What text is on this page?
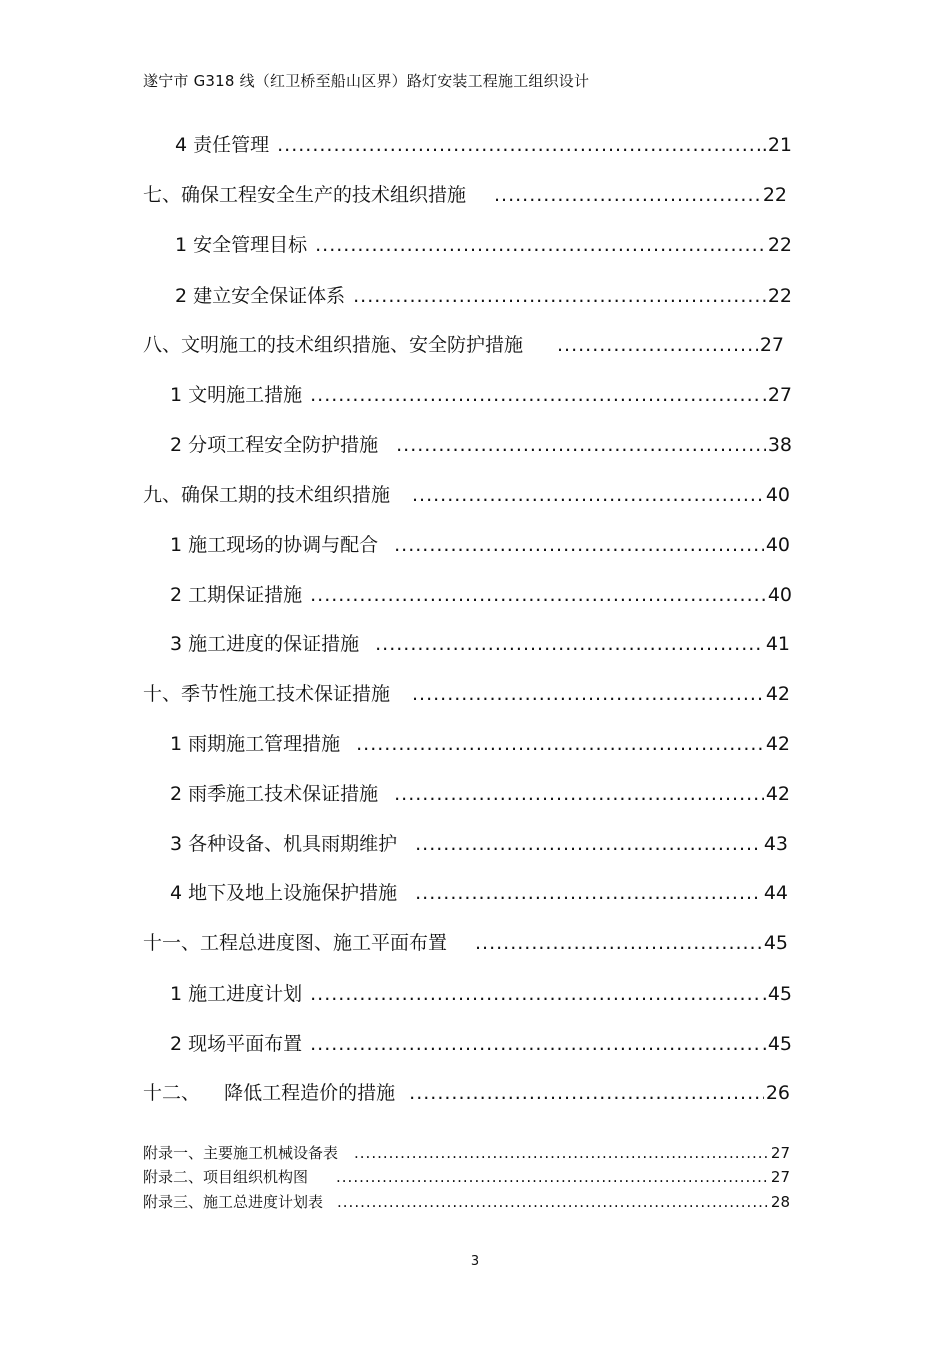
遂宁市 G318 线（红卫桥至船山区界）路灯安装工程施工组织设计
4 责任管理 .....	.21
七、确保工程安全生产的技术组织措施 .....	22
1 安全管理目标 .....	22
2 建立安全保证体系 .....	22
八、文明施工的技术组织措施、安全防护措施 .....	27
1 文明施工措施 .....	.27
2 分项工程安全防护措施 .....	38
九、确保工期的技术组织措施 .....	40
1 施工现场的协调与配合 .....	40
2 工期保证措施 .....	40
3 施工进度的保证措施 .....	41
十、季节性施工技术保证措施 .....	42
1 雨期施工管理措施 .....	42
2 雨季施工技术保证措施 .....	42
3 各种设备、机具雨期维护 .....	43
4 地下及地上设施保护措施 .....	44
十一、工程总进度图、施工平面布置 .....	45
1 施工进度计划 .....	.45
2 现场平面布置 .....	.45
十二、    降低工程造价的措施 .....	26
附录一、主要施工机械设备表 .....	27
附录二、项目组织机构图 .....	27
附录三、施工总进度计划表 .....	28
3
